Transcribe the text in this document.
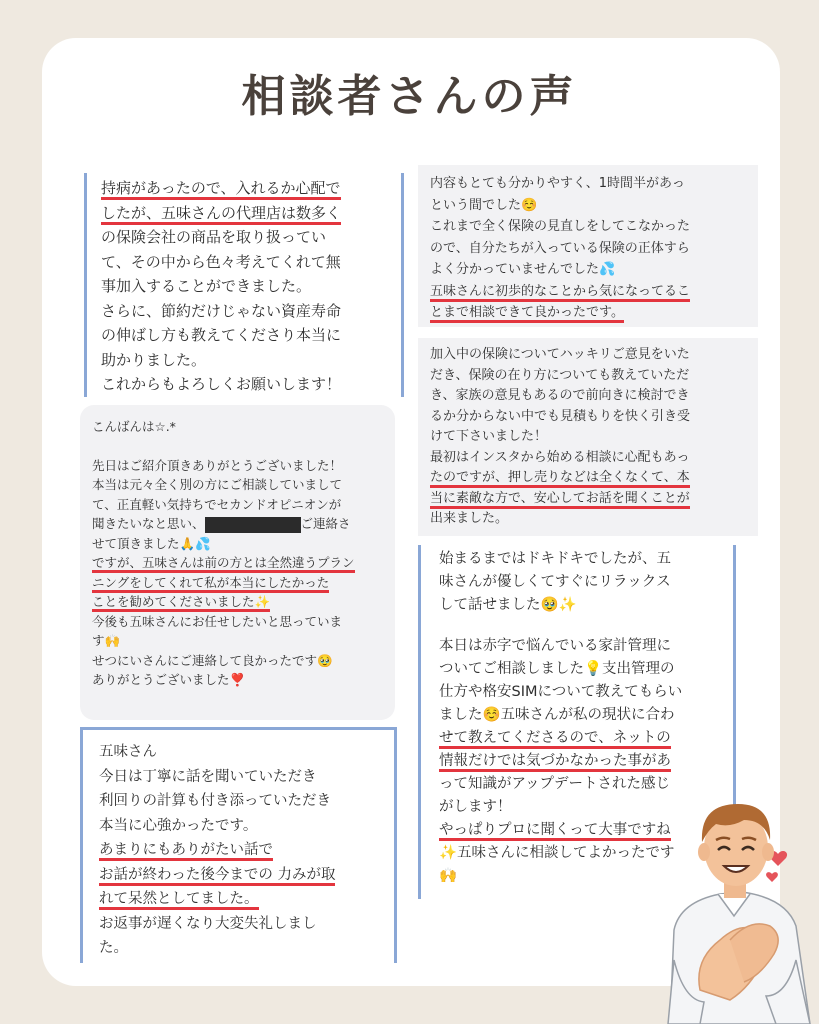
相談者さんの声
持病があったので、入れるか心配で
したが、五味さんの代理店は数多く
の保険会社の商品を取り扱ってい
て、その中から色々考えてくれて無
事加入することができました。
さらに、節約だけじゃない資産寿命
の伸ばし方も教えてくださり本当に
助かりました。
これからもよろしくお願いします！
こんばんは☆.*
先日はご紹介頂きありがとうございました！
本当は元々全く別の方にご相談していまして
て、正直軽い気持ちでセカンドオピニオンが
聞きたいなと思い、	ご連絡さ
せて頂きました🙏💦
ですが、五味さんは前の方とは全然違うプラン
ニングをしてくれて私が本当にしたかった
ことを勧めてくださいました✨
今後も五味さんにお任せしたいと思っていま
す🙌
せつにいさんにご連絡して良かったです🥹
ありがとうございました❣️
五味さん
今日は丁寧に話を聞いていただき
利回りの計算も付き添っていただき
本当に心強かったです。
あまりにもありがたい話で
お話が終わった後今までの 力みが取
れて呆然としてました。
お返事が遅くなり大変失礼しまし
た。
内容もとても分かりやすく、1時間半があっ
という間でした☺️
これまで全く保険の見直しをしてこなかった
ので、自分たちが入っている保険の正体すら
よく分かっていませんでした💦
五味さんに初歩的なことから気になってるこ
とまで相談できて良かったです。
加入中の保険についてハッキリご意見をいた
だき、保険の在り方についても教えていただ
き、家族の意見もあるので前向きに検討でき
るか分からない中でも見積もりを快く引き受
けて下さいました！
最初はインスタから始める相談に心配もあっ
たのですが、押し売りなどは全くなくて、本
当に素敵な方で、安心してお話を聞くことが
出来ました。
始まるまではドキドキでしたが、五
味さんが優しくてすぐにリラックス
して話せました🥹✨
本日は赤字で悩んでいる家計管理に
ついてご相談しました💡支出管理の
仕方や格安SIMについて教えてもらい
ました☺️五味さんが私の現状に合わ
せて教えてくださるので、ネットの
情報だけでは気づかなかった事があ
って知識がアップデートされた感じ
がします！
やっぱりプロに聞くって大事ですね
✨五味さんに相談してよかったです
🙌
